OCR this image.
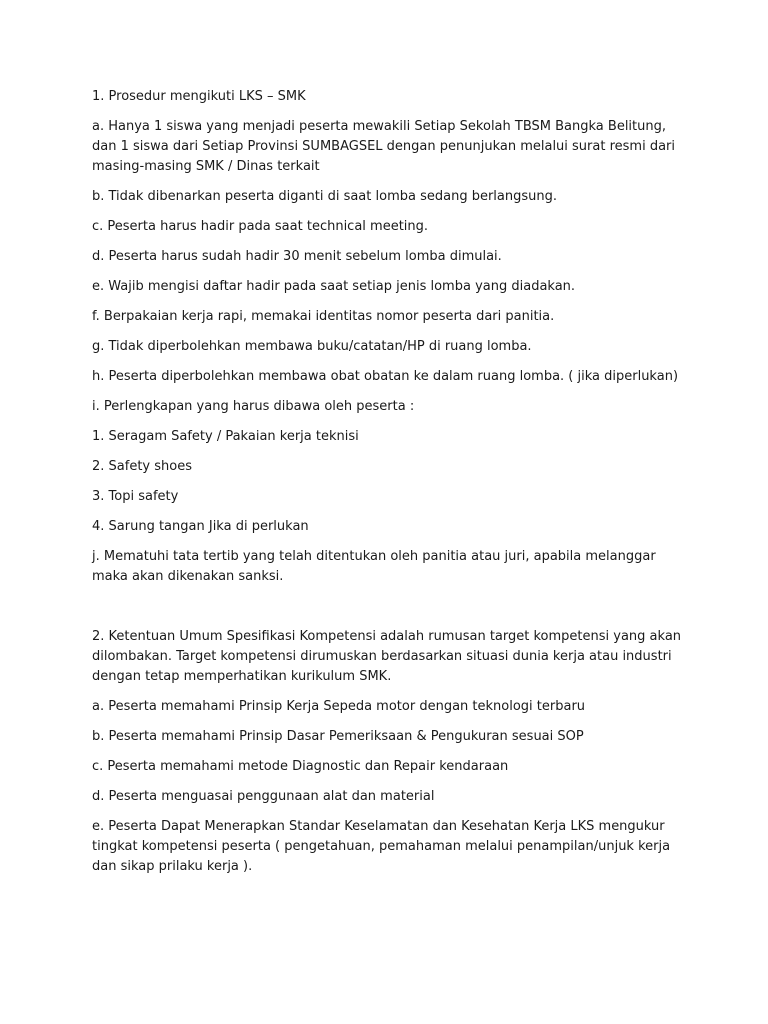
1. Prosedur mengikuti LKS – SMK

a. Hanya 1 siswa yang menjadi peserta mewakili Setiap Sekolah TBSM Bangka Belitung, dan 1 siswa dari Setiap Provinsi SUMBAGSEL dengan penunjukan melalui surat resmi dari masing-masing SMK / Dinas terkait

b. Tidak dibenarkan peserta diganti di saat lomba sedang berlangsung.

c. Peserta harus hadir pada saat technical meeting.

d. Peserta harus sudah hadir 30 menit sebelum lomba dimulai.

e. Wajib mengisi daftar hadir pada saat setiap jenis lomba yang diadakan.

f. Berpakaian kerja rapi, memakai identitas nomor peserta dari panitia.

g. Tidak diperbolehkan membawa buku/catatan/HP di ruang lomba.

h. Peserta diperbolehkan membawa obat obatan ke dalam ruang lomba. ( jika diperlukan)

i. Perlengkapan yang harus dibawa oleh peserta :

1. Seragam Safety / Pakaian kerja teknisi

2. Safety shoes

3. Topi safety

4. Sarung tangan Jika di perlukan

j. Mematuhi tata tertib yang telah ditentukan oleh panitia atau juri, apabila melanggar maka akan dikenakan sanksi.

2. Ketentuan Umum Spesifikasi Kompetensi adalah rumusan target kompetensi yang akan dilombakan. Target kompetensi dirumuskan berdasarkan situasi dunia kerja atau industri dengan tetap memperhatikan kurikulum SMK.

a. Peserta memahami Prinsip Kerja Sepeda motor dengan teknologi terbaru

b. Peserta memahami Prinsip Dasar Pemeriksaan & Pengukuran sesuai SOP

c. Peserta memahami metode Diagnostic dan Repair kendaraan

d. Peserta menguasai penggunaan alat dan material

e. Peserta Dapat Menerapkan Standar Keselamatan dan Kesehatan Kerja LKS mengukur tingkat kompetensi peserta ( pengetahuan, pemahaman melalui penampilan/unjuk kerja dan sikap prilaku kerja ).
